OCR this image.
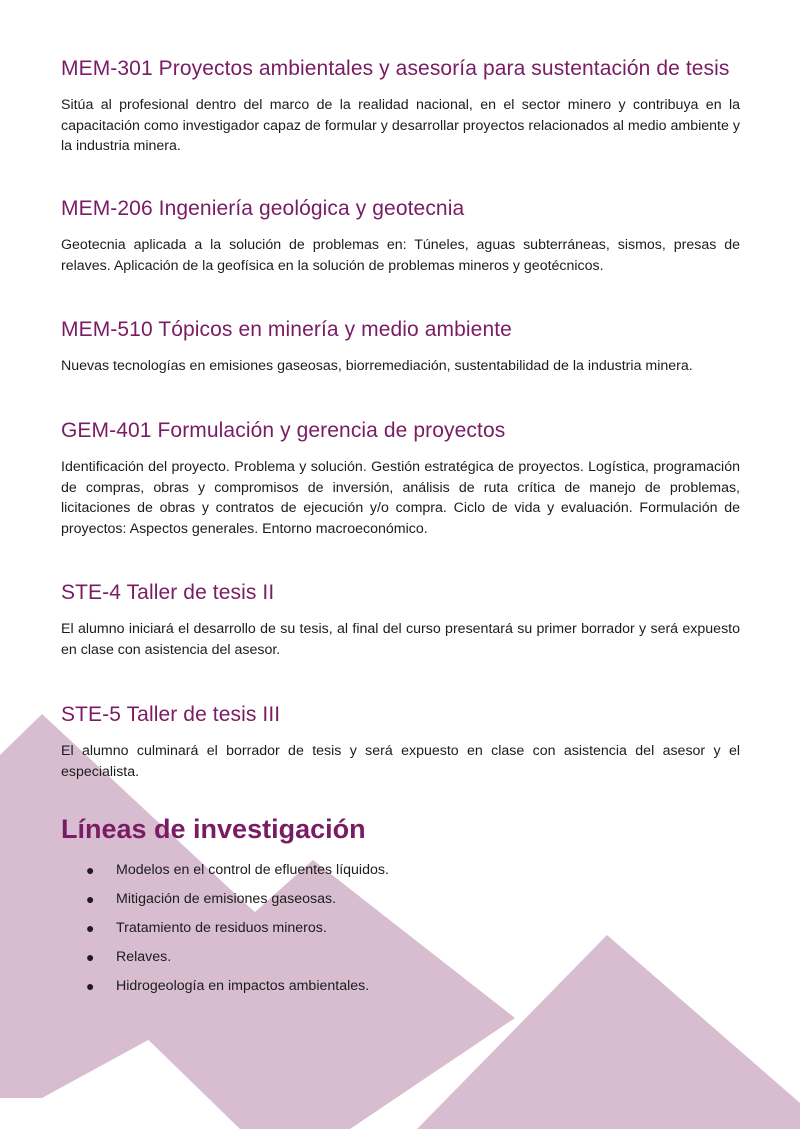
MEM-301 Proyectos ambientales y asesoría para sustentación de tesis

Sitúa al profesional dentro del marco de la realidad nacional, en el sector minero y contribuya en la capacitación como investigador capaz de formular y desarrollar proyectos relacionados al medio ambiente y la industria minera.

MEM-206 Ingeniería geológica y geotecnia

Geotecnia aplicada a la solución de problemas en: Túneles, aguas subterráneas, sismos, presas de relaves. Aplicación de la geofísica en la solución de problemas mineros y geotécnicos.

MEM-510 Tópicos en minería y medio ambiente

Nuevas tecnologías en emisiones gaseosas, biorremediación, sustentabilidad de la industria minera.

GEM-401 Formulación y gerencia de proyectos

Identificación del proyecto. Problema y solución. Gestión estratégica de proyectos. Logística, programación de compras, obras y compromisos de inversión, análisis de ruta crítica de manejo de problemas, licitaciones de obras y contratos de ejecución y/o compra. Ciclo de vida y evaluación. Formulación de proyectos: Aspectos generales. Entorno macroeconómico.

STE-4 Taller de tesis II

El alumno iniciará el desarrollo de su tesis, al final del curso presentará su primer borrador y será expuesto en clase con asistencia del asesor.

STE-5 Taller de tesis III

El alumno culminará el borrador de tesis y será expuesto en clase con asistencia del asesor y el especialista.

Líneas de investigación
●	Modelos en el control de efluentes líquidos.
●	Mitigación de emisiones gaseosas.
●	Tratamiento de residuos mineros.
●	Relaves.
●	Hidrogeología en impactos ambientales.
